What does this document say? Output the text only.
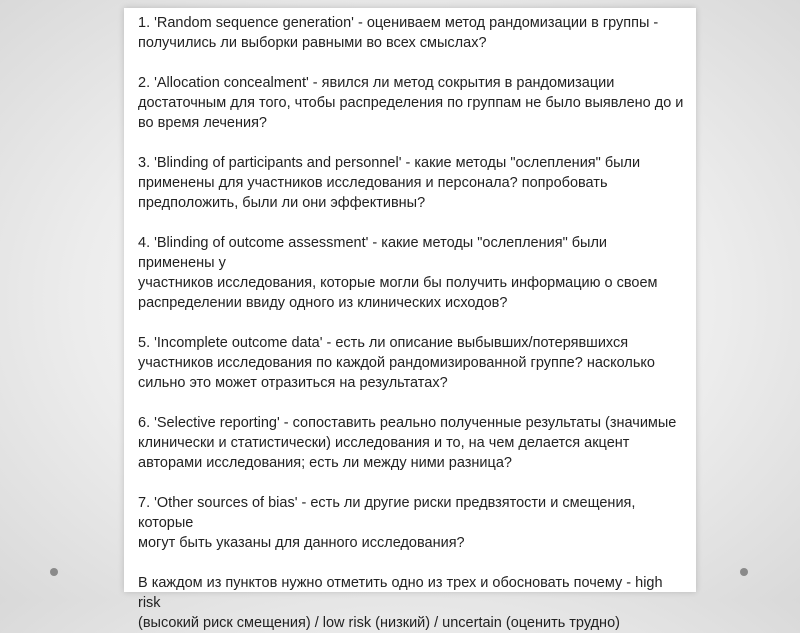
1. 'Random sequence generation' - оцениваем метод рандомизации в группы -
получились ли выборки равными во всех смыслах?

2. 'Allocation concealment' - явился ли метод сокрытия в рандомизации
достаточным для того, чтобы распределения по группам не было выявлено до и
во время лечения?

3. 'Blinding of participants and personnel' - какие методы "ослепления" были
применены для участников исследования и персонала? попробовать
предположить, были ли они эффективны?

4. 'Blinding of outcome assessment' - какие методы "ослепления" были применены у
участников исследования, которые могли бы получить информацию о своем
распределении ввиду одного из клинических исходов?

5. 'Incomplete outcome data' - есть ли описание выбывших/потерявшихся
участников исследования по каждой рандомизированной группе? насколько
сильно это может отразиться на результатах?

6. 'Selective reporting' - сопоставить реально полученные результаты (значимые
клинически и статистически) исследования и то, на чем делается акцент
авторами исследования; есть ли между ними разница?

7. 'Other sources of bias' - есть ли другие риски предвзятости и смещения, которые
могут быть указаны для данного исследования?

В каждом из пунктов нужно отметить одно из трех и обосновать почему - high risk
(высокий риск смещения) / low risk (низкий) / uncertain (оценить трудно)
